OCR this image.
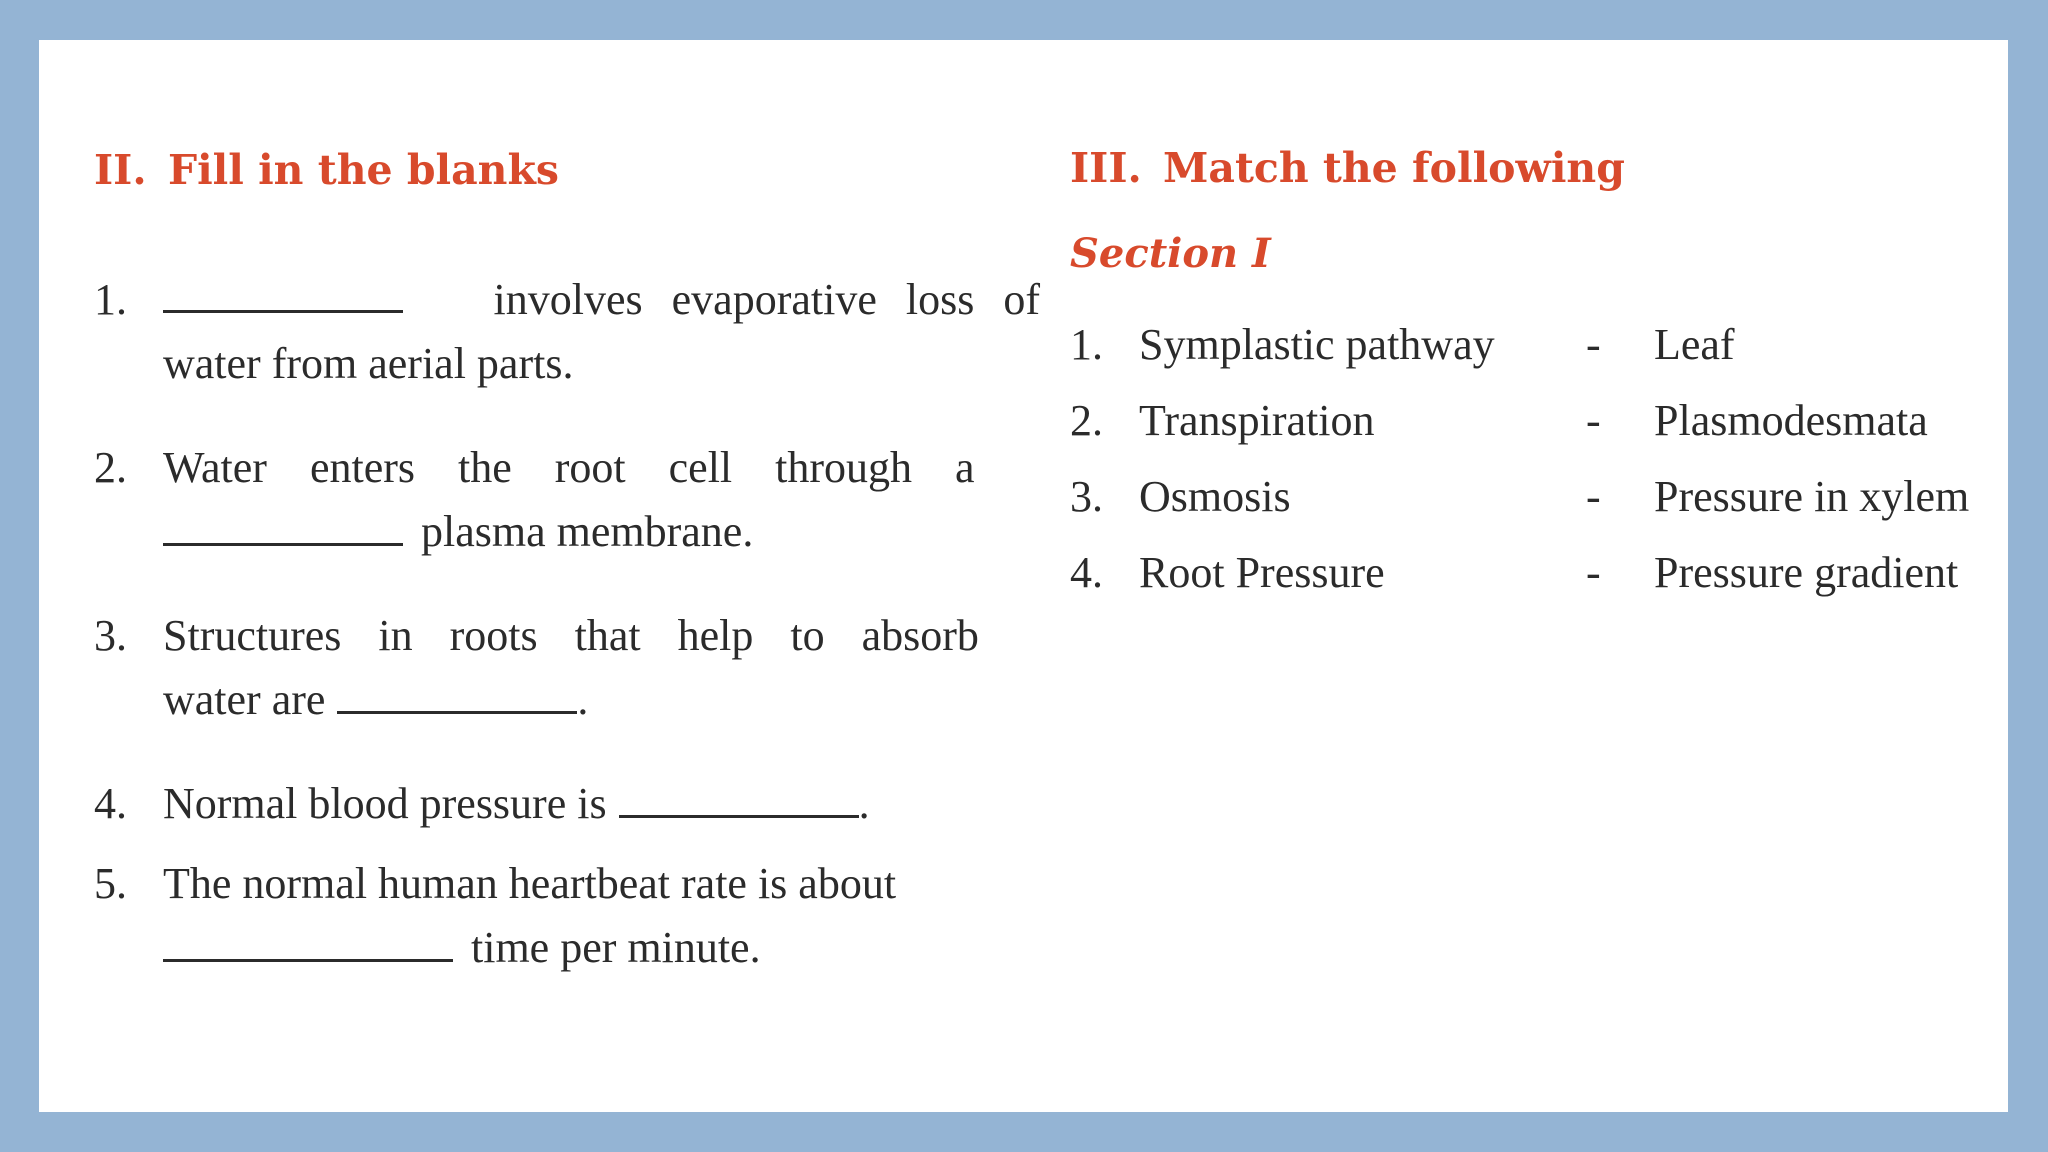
II. Fill in the blanks
1.	involves evaporative loss of
water from aerial parts.
2. Water enters the root cell through a
plasma membrane.
3. Structures in roots that help to absorb
water are	.
4. Normal blood pressure is	.
5. The normal human heartbeat rate is about
time per minute.
III. Match the following
Section I
1. Symplastic pathway - Leaf
2. Transpiration	- Plasmodesmata
3. Osmosis	- Pressure in xylem
4. Root Pressure	- Pressure gradient
